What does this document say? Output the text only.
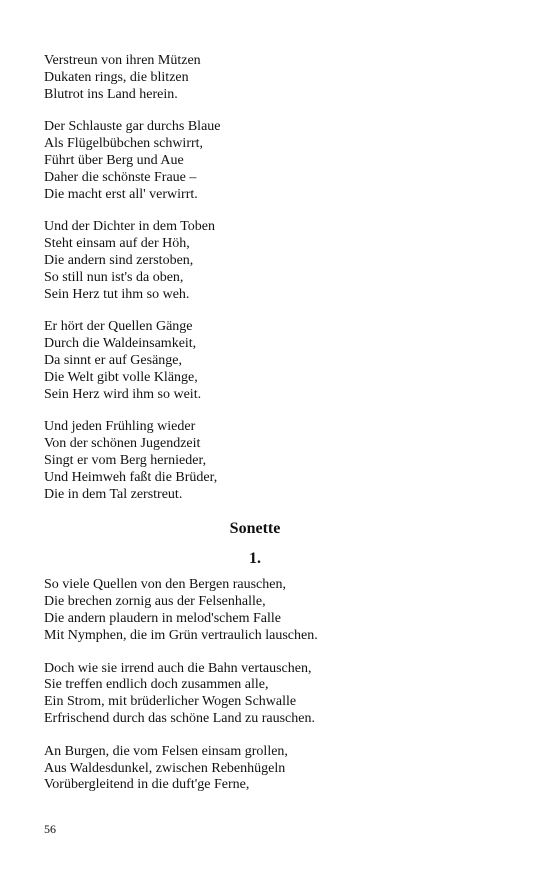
Verstreun von ihren Mützen
Dukaten rings, die blitzen
Blutrot ins Land herein.
Der Schlauste gar durchs Blaue
Als Flügelbübchen schwirrt,
Führt über Berg und Aue
Daher die schönste Fraue –
Die macht erst all' verwirrt.
Und der Dichter in dem Toben
Steht einsam auf der Höh,
Die andern sind zerstoben,
So still nun ist's da oben,
Sein Herz tut ihm so weh.
Er hört der Quellen Gänge
Durch die Waldeinsamkeit,
Da sinnt er auf Gesänge,
Die Welt gibt volle Klänge,
Sein Herz wird ihm so weit.
Und jeden Frühling wieder
Von der schönen Jugendzeit
Singt er vom Berg hernieder,
Und Heimweh faßt die Brüder,
Die in dem Tal zerstreut.
Sonette
1.
So viele Quellen von den Bergen rauschen,
Die brechen zornig aus der Felsenhalle,
Die andern plaudern in melod'schem Falle
Mit Nymphen, die im Grün vertraulich lauschen.
Doch wie sie irrend auch die Bahn vertauschen,
Sie treffen endlich doch zusammen alle,
Ein Strom, mit brüderlicher Wogen Schwalle
Erfrischend durch das schöne Land zu rauschen.
An Burgen, die vom Felsen einsam grollen,
Aus Waldesdunkel, zwischen Rebenhügeln
Vorübergleitend in die duft'ge Ferne,
56
